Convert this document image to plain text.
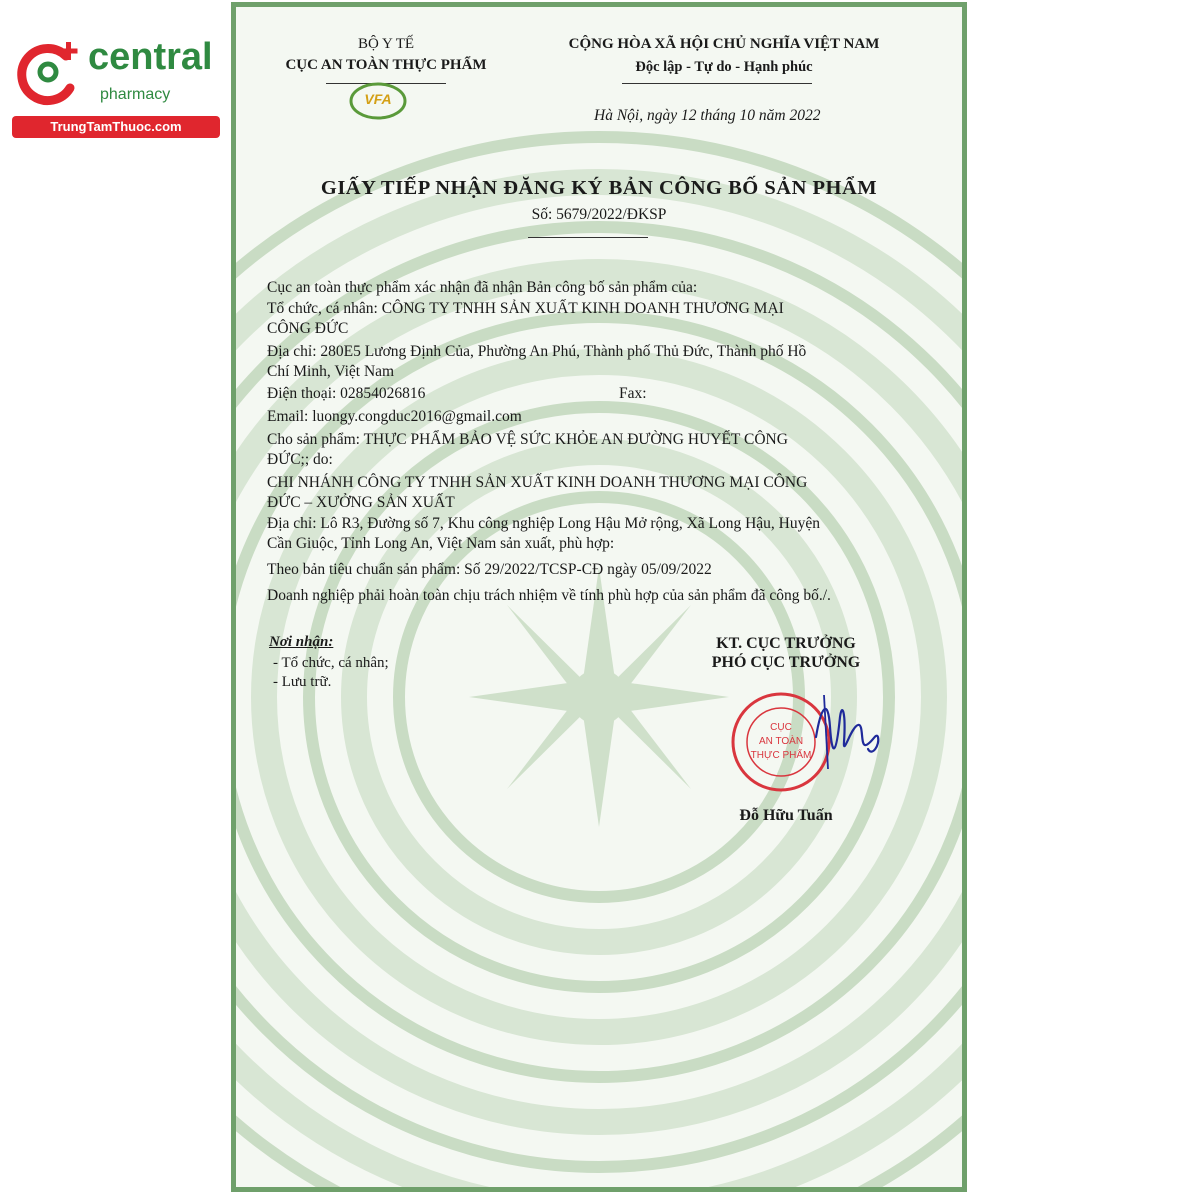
central
pharmacy
TrungTamThuoc.com
BỘ Y TẾ
CỤC AN TOÀN THỰC PHẨM
VFA
CỘNG HÒA XÃ HỘI CHỦ NGHĨA VIỆT NAM
Độc lập - Tự do - Hạnh phúc
Hà Nội, ngày 12 tháng 10 năm 2022
GIẤY TIẾP NHẬN ĐĂNG KÝ BẢN CÔNG BỐ SẢN PHẨM
Số: 5679/2022/ĐKSP
Cục an toàn thực phẩm xác nhận đã nhận Bản công bố sản phẩm của:
Tổ chức, cá nhân: CÔNG TY TNHH SẢN XUẤT KINH DOANH THƯƠNG MẠI
CÔNG ĐỨC
Địa chỉ: 280E5 Lương Định Của, Phường An Phú, Thành phố Thủ Đức, Thành phố Hồ
Chí Minh, Việt Nam
Điện thoại: 02854026816	Fax:
Email: luongy.congduc2016@gmail.com
Cho sản phẩm: THỰC PHẨM BẢO VỆ SỨC KHỎE AN ĐƯỜNG HUYẾT CÔNG
ĐỨC;; do:
CHI NHÁNH CÔNG TY TNHH SẢN XUẤT KINH DOANH THƯƠNG MẠI CÔNG
ĐỨC – XƯỞNG SẢN XUẤT
Địa chỉ: Lô R3, Đường số 7, Khu công nghiệp Long Hậu Mở rộng, Xã Long Hậu, Huyện
Cần Giuộc, Tỉnh Long An, Việt Nam sản xuất, phù hợp:
Theo bản tiêu chuẩn sản phẩm: Số 29/2022/TCSP-CĐ ngày 05/09/2022
Doanh nghiệp phải hoàn toàn chịu trách nhiệm về tính phù hợp của sản phẩm đã công bố./.
Nơi nhận:
- Tổ chức, cá nhân;
- Lưu trữ.
KT. CỤC TRƯỞNG
PHÓ CỤC TRƯỞNG
CỤC
AN TOÀN
THỰC PHẨM
Đỗ Hữu Tuấn
